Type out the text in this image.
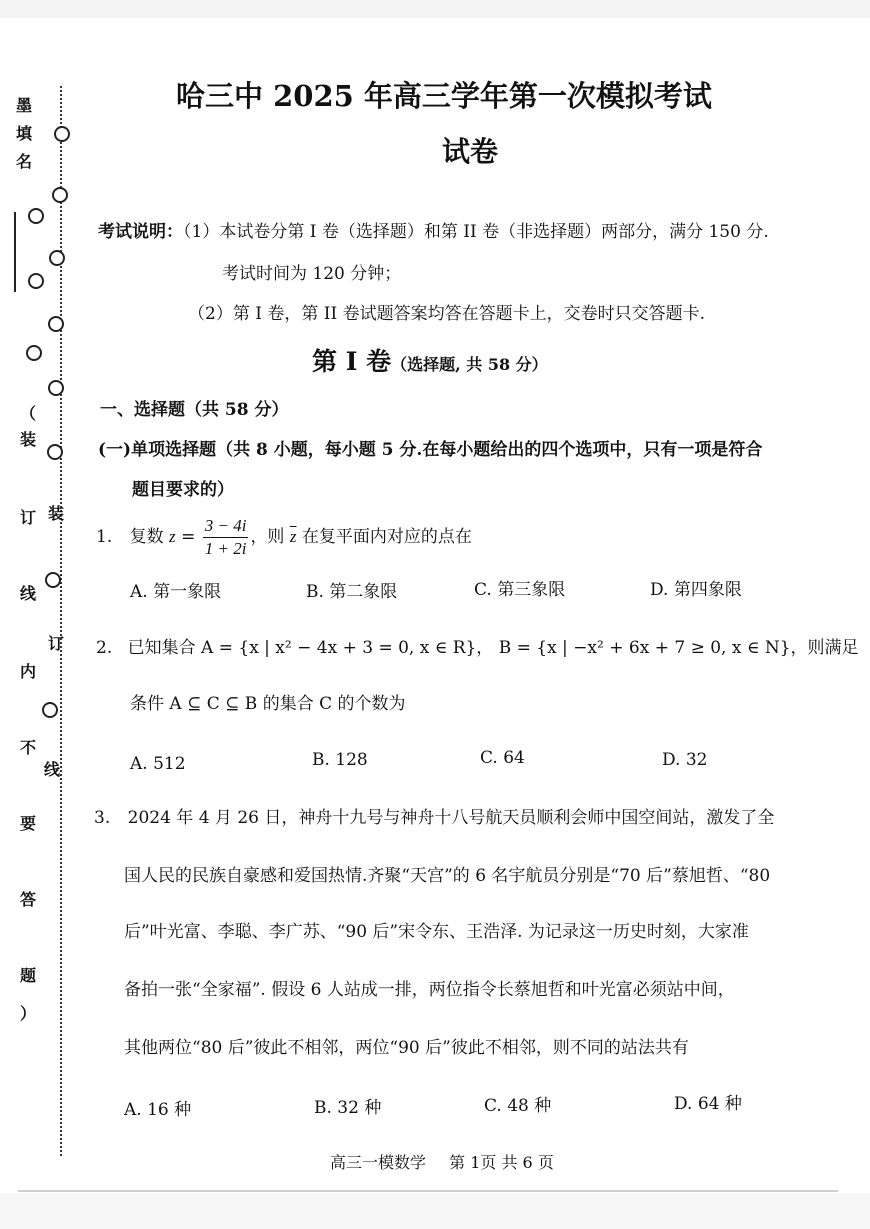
墨
填
名
（
装
订
线
内
不
要
答
题
）
装
订
线
哈三中 2025 年高三学年第一次模拟考试
试卷
考试说明：（1）本试卷分第 I 卷（选择题）和第 II 卷（非选择题）两部分，满分 150 分.
考试时间为 120 分钟；
（2）第 I 卷，第 II 卷试题答案均答在答题卡上，交卷时只交答题卡.
第 I 卷（选择题, 共 58 分）
一、选择题（共 58 分）
(一)单项选择题（共 8 小题，每小题 5 分.在每小题给出的四个选项中，只有一项是符合
题目要求的）
1. 复数 $z = \frac{3 - 4i}{1 + 2i}$ ，则 $\overline{z}$ 在复平面内对应的点在
A. 第一象限	B. 第二象限	C. 第三象限	D. 第四象限
2. 已知集合 A = {x | x² − 4x + 3 = 0, x ∈ R}， B = {x | −x² + 6x + 7 ≥ 0, x ∈ N}，则满足
条件 A ⊆ C ⊆ B 的集合 C 的个数为
A. 512	B. 128	C. 64	D. 32
3. 2024 年 4 月 26 日，神舟十九号与神舟十八号航天员顺利会师中国空间站，激发了全
国人民的民族自豪感和爱国热情.齐聚“天宫”的 6 名宇航员分别是“70 后”蔡旭哲、“80
后”叶光富、李聪、李广苏、“90 后”宋令东、王浩泽. 为记录这一历史时刻，大家准
备拍一张“全家福”. 假设 6 人站成一排，两位指令长蔡旭哲和叶光富必须站中间，
其他两位“80 后”彼此不相邻，两位“90 后”彼此不相邻，则不同的站法共有
A. 16 种	B. 32 种	C. 48 种	D. 64 种
高三一模数学 第 1页 共 6 页
